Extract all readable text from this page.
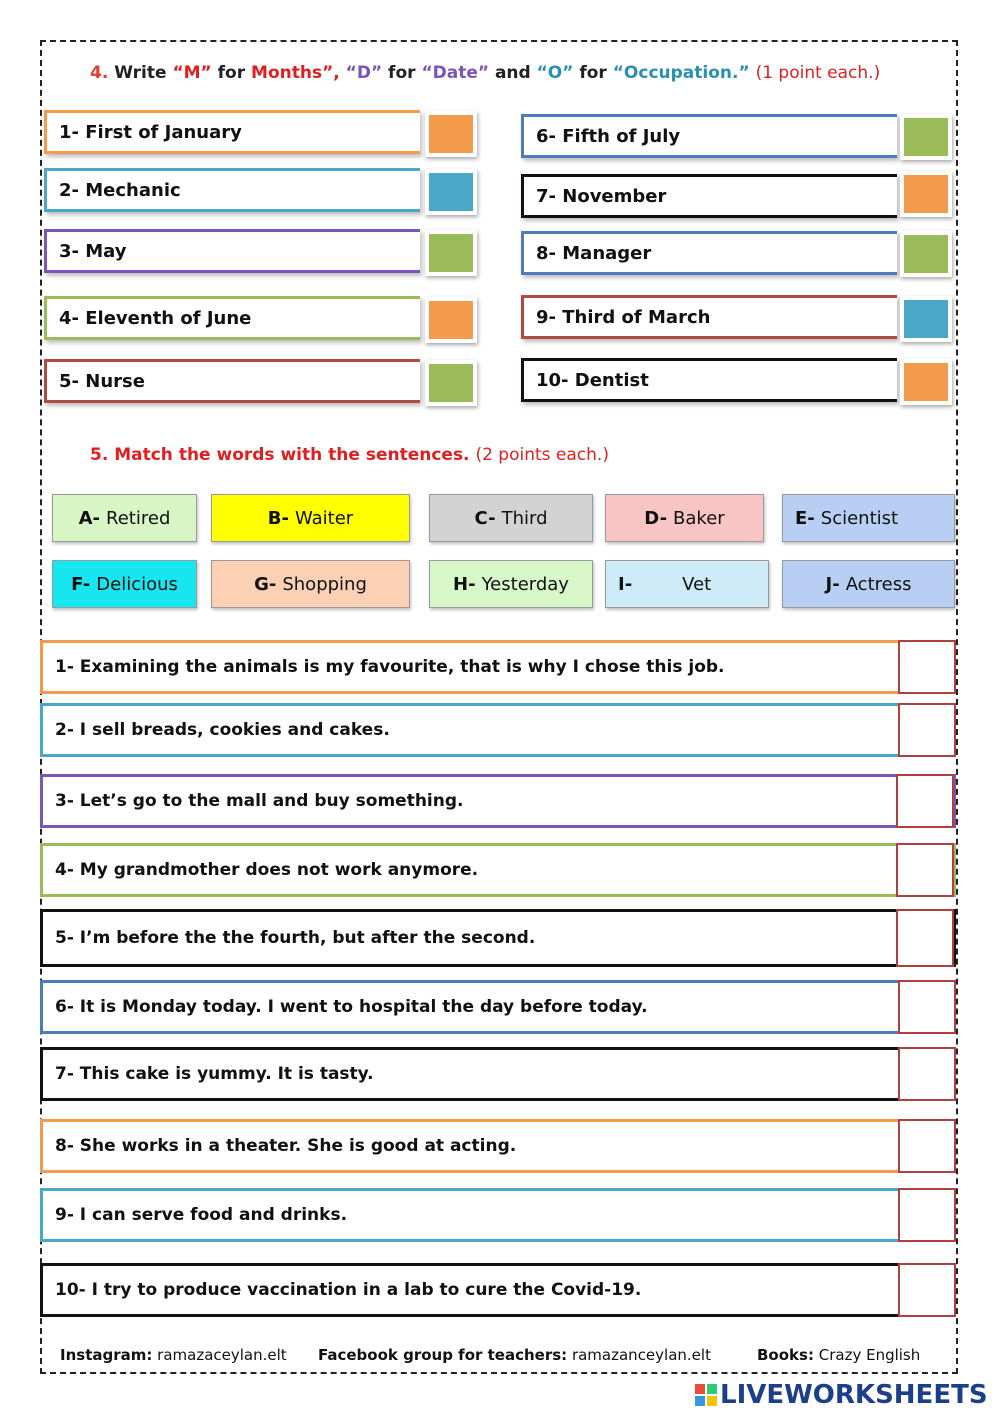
4. Write “M” for Months”, “D” for “Date” and “O” for “Occupation.” (1 point each.)
1- First of January
2- Mechanic
3- May
4- Eleventh of June
5- Nurse
6- Fifth of July
7- November
8- Manager
9- Third of March
10- Dentist
5. Match the words with the sentences. (2 points each.)
A- Retired	B- Waiter	C- Third	D- Baker	E- Scientist
F- Delicious	G- Shopping	H- Yesterday	I-	Vet	J- Actress
1- Examining the animals is my favourite, that is why I chose this job.
2- I sell breads, cookies and cakes.
3- Let’s go to the mall and buy something.
4- My grandmother does not work anymore.
5- I’m before the the fourth, but after the second.
6- It is Monday today. I went to hospital the day before today.
7- This cake is yummy. It is tasty.
8- She works in a theater. She is good at acting.
9- I can serve food and drinks.
10- I try to produce vaccination in a lab to cure the Covid-19.
Instagram: ramazaceylan.elt Facebook group for teachers: ramazanceylan.elt	Books: Crazy English
LIVEWORKSHEETS
